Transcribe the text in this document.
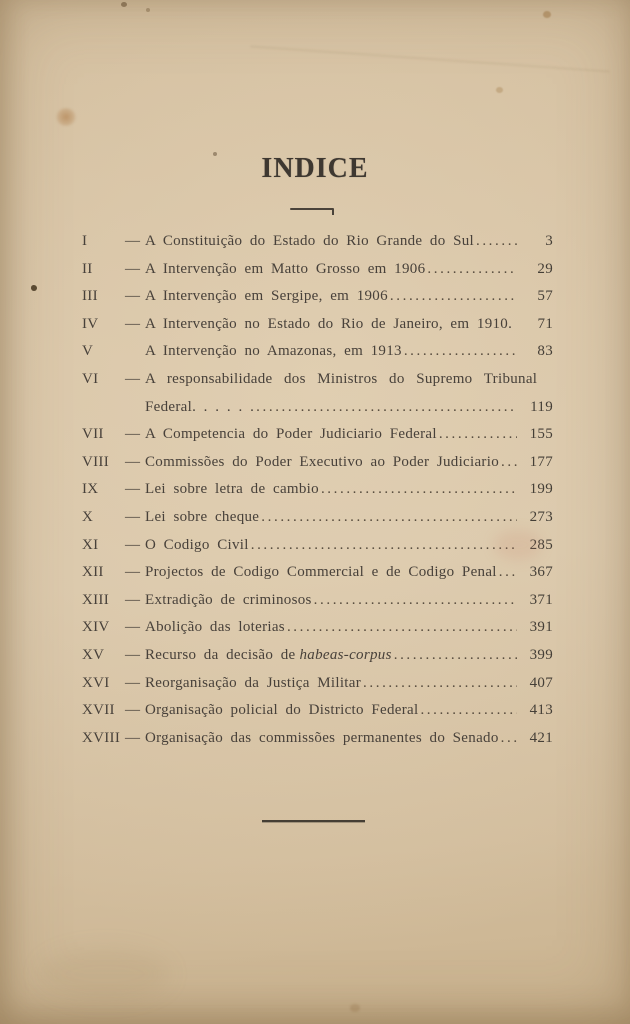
INDICE
I	— A Constituição do Estado do Rio Grande do Sul .....	3
II	— A Intervenção em Matto Grosso em 1906 .....	29
III	— A Intervenção em Sergipe, em 1906 .....	57
IV	— A Intervenção no Estado do Rio de Janeiro, em 1910.	71
V	A Intervenção no Amazonas, em 1913 .....	83
VI	— A responsabilidade dos Ministros do Supremo Tribunal
Federal. . . . . . .....	119
VII	— A Competencia do Poder Judiciario Federal .....	155
VIII	— Commissões do Poder Executivo ao Poder Judiciario .....	177
IX	— Lei sobre letra de cambio .....	199
X	— Lei sobre cheque .....	273
XI	— O Codigo Civil .....	285
XII	— Projectos de Codigo Commercial e de Codigo Penal .....	367
XIII	— Extradição de criminosos .....	371
XIV	— Abolição das loterias .....	391
XV	— Recurso da decisão de habeas-corpus .....	399
XVI	— Reorganisação da Justiça Militar .....	407
XVII — Organisação policial do Districto Federal .....	413
XVIII — Organisação das commissões permanentes do Senado .....	421
